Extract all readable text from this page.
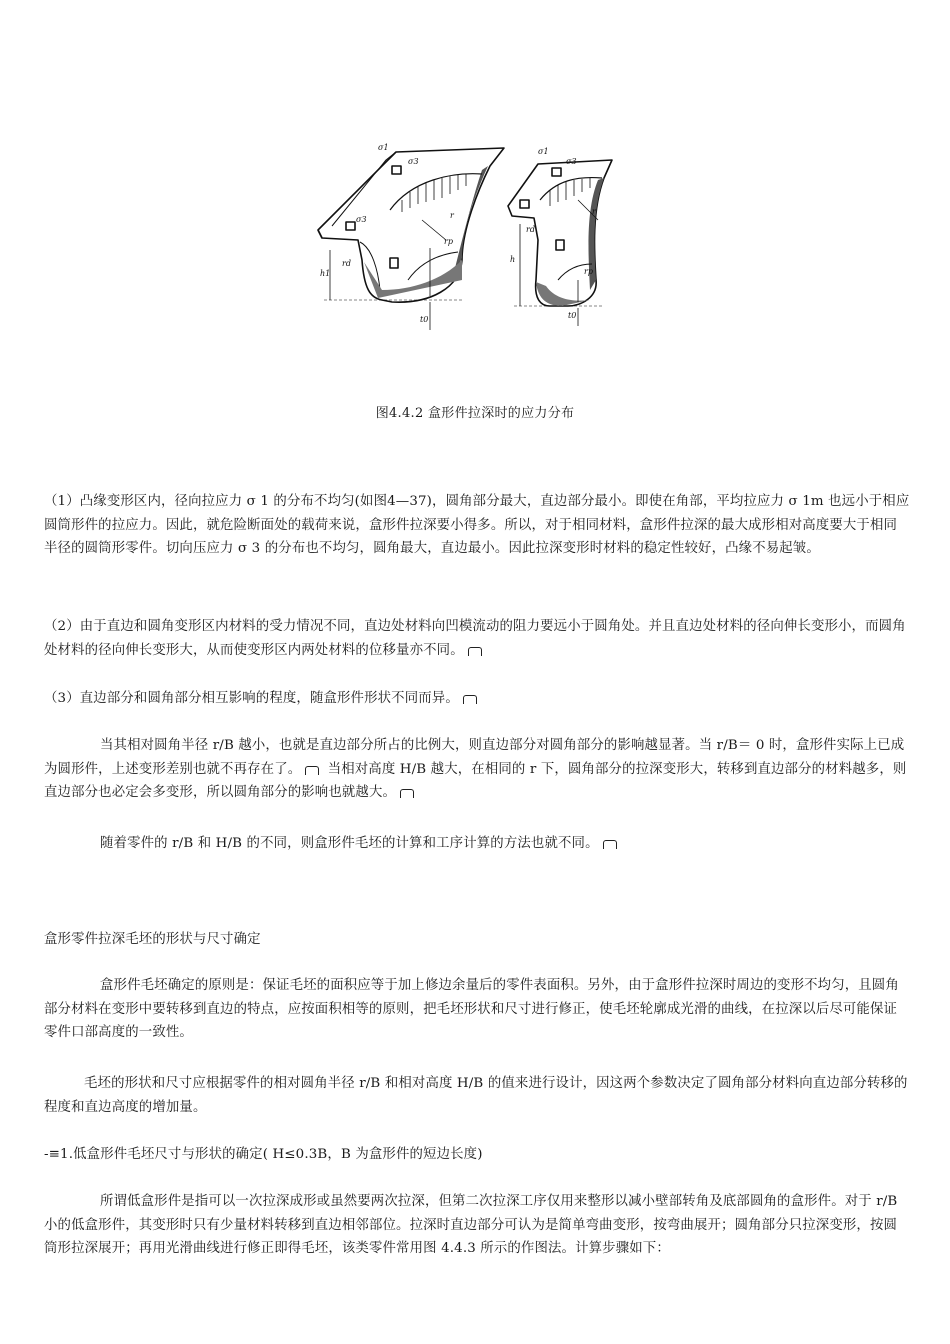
σ1
σ3
σ3	r
rp
rd
h1
t0
σ1
σ3
r
rd
h
rp
t0
图4.4.2 盒形件拉深时的应力分布

（1）凸缘变形区内，径向拉应力 σ 1 的分布不均匀(如图4—37)，圆角部分最大，直边部分最小。即使在角部，平均拉应力 σ 1m 也远小于相应圆筒形件的拉应力。因此，就危险断面处的载荷来说，盒形件拉深要小得多。所以，对于相同材料，盒形件拉深的最大成形相对高度要大于相同半径的圆筒形零件。切向压应力 σ 3 的分布也不均匀，圆角最大，直边最小。因此拉深变形时材料的稳定性较好，凸缘不易起皱。

（2）由于直边和圆角变形区内材料的受力情况不同，直边处材料向凹模流动的阻力要远小于圆角处。并且直边处材料的径向伸长变形小，而圆角处材料的径向伸长变形大，从而使变形区内两处材料的位移量亦不同。

（3）直边部分和圆角部分相互影响的程度，随盒形件形状不同而异。

当其相对圆角半径 r/B 越小，也就是直边部分所占的比例大，则直边部分对圆角部分的影响越显著。当 r/B＝ 0 时，盒形件实际上已成为圆形件，上述变形差别也就不再存在了。 当相对高度 H/B 越大，在相同的 r 下，圆角部分的拉深变形大，转移到直边部分的材料越多，则直边部分也必定会多变形，所以圆角部分的影响也就越大。

随着零件的 r/B 和 H/B 的不同，则盒形件毛坯的计算和工序计算的方法也就不同。

盒形零件拉深毛坯的形状与尺寸确定

盒形件毛坯确定的原则是：保证毛坯的面积应等于加上修边余量后的零件表面积。另外，由于盒形件拉深时周边的变形不均匀，且圆角部分材料在变形中要转移到直边的特点，应按面积相等的原则，把毛坯形状和尺寸进行修正，使毛坯轮廓成光滑的曲线，在拉深以后尽可能保证零件口部高度的一致性。

毛坯的形状和尺寸应根据零件的相对圆角半径 r/B 和相对高度 H/B 的值来进行设计，因这两个参数决定了圆角部分材料向直边部分转移的程度和直边高度的增加量。

-≡1.低盒形件毛坯尺寸与形状的确定( H≤0.3B，B 为盒形件的短边长度)

所谓低盒形件是指可以一次拉深成形或虽然要两次拉深，但第二次拉深工序仅用来整形以减小壁部转角及底部圆角的盒形件。对于 r/B 小的低盒形件，其变形时只有少量材料转移到直边相邻部位。拉深时直边部分可认为是简单弯曲变形，按弯曲展开；圆角部分只拉深变形，按圆筒形拉深展开；再用光滑曲线进行修正即得毛坯，该类零件常用图 4.4.3 所示的作图法。计算步骤如下：
